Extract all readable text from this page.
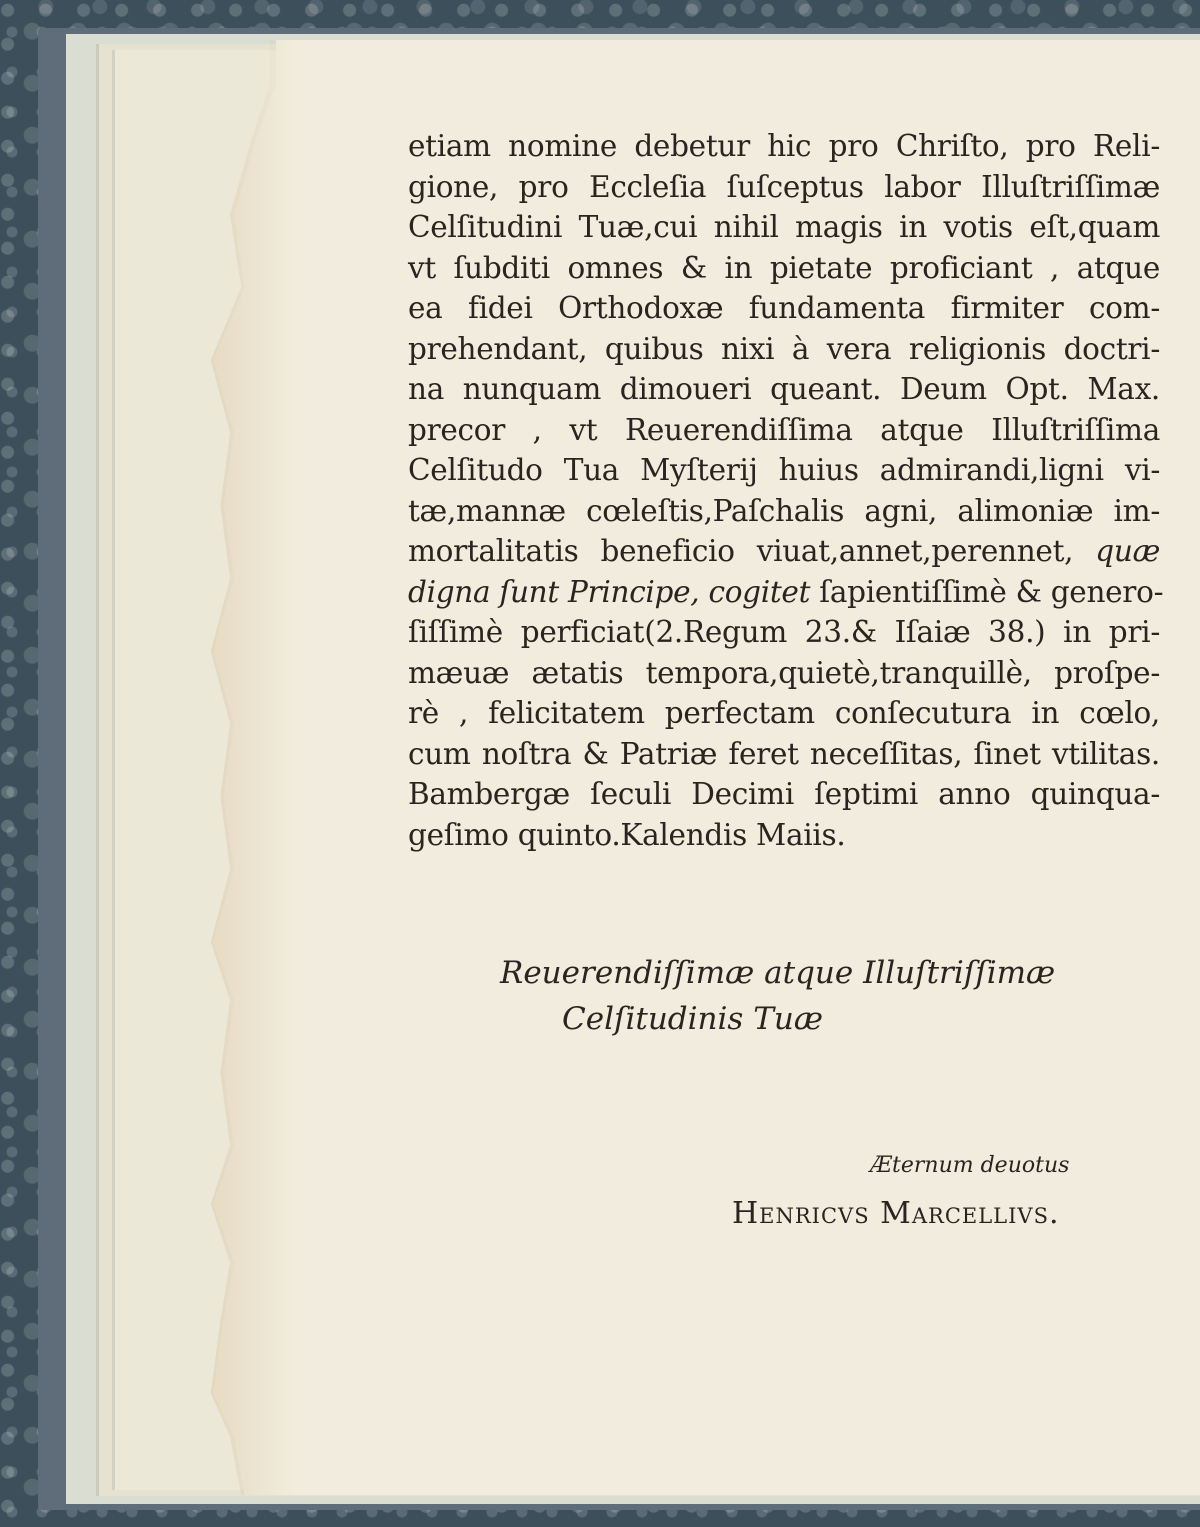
etiam nomine debetur hic pro Chriſto, pro Reli-
gione, pro Eccleſia ſuſceptus labor Illuſtriſſimæ
Celſitudini Tuæ,cui nihil magis in votis eſt,quam
vt ſubditi omnes & in pietate proficiant , atque
ea fidei Orthodoxæ fundamenta firmiter com-
prehendant, quibus nixi à vera religionis doctri-
na nunquam dimoueri queant. Deum Opt. Max.
precor , vt Reuerendiſſima atque Illuſtriſſima
Celſitudo Tua Myſterij huius admirandi,ligni vi-
tæ,mannæ cœleſtis,Paſchalis agni, alimoniæ im-
mortalitatis beneficio viuat,annet,perennet, quæ
digna ſunt Principe, cogitet ſapientiſſimè & genero-
ſiſſimè perficiat(2.Regum 23.& Iſaiæ 38.) in pri-
mæuæ ætatis tempora,quietè,tranquillè, proſpe-
rè , felicitatem perfectam conſecutura in cœlo,
cum noſtra & Patriæ feret neceſſitas, ſinet vtilitas.
Bambergæ ſeculi Decimi ſeptimi anno quinqua-
geſimo quinto.Kalendis Maiis.
Reuerendiſſimæ atque Illuſtriſſimæ
Celſitudinis Tuæ
Æternum deuotus
Henricvs Marcellivs.
